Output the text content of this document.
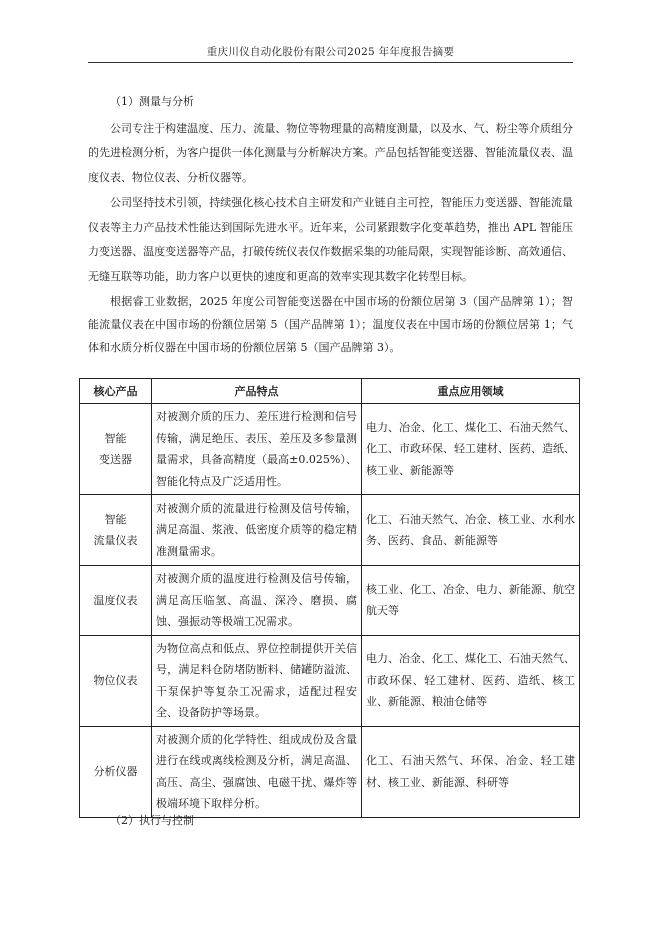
重庆川仪自动化股份有限公司2025 年年度报告摘要

（1）测量与分析

公司专注于构建温度、压力、流量、物位等物理量的高精度测量，以及水、气、粉尘等介质组分的先进检测分析，为客户提供一体化测量与分析解决方案。产品包括智能变送器、智能流量仪表、温度仪表、物位仪表、分析仪器等。

公司坚持技术引领，持续强化核心技术自主研发和产业链自主可控，智能压力变送器、智能流量仪表等主力产品技术性能达到国际先进水平。近年来，公司紧跟数字化变革趋势，推出 APL 智能压力变送器、温度变送器等产品，打破传统仪表仅作数据采集的功能局限，实现智能诊断、高效通信、无缝互联等功能，助力客户以更快的速度和更高的效率实现其数字化转型目标。

根据睿工业数据，2025 年度公司智能变送器在中国市场的份额位居第 3（国产品牌第 1）；智能流量仪表在中国市场的份额位居第 5（国产品牌第 1）；温度仪表在中国市场的份额位居第 1；气体和水质分析仪器在中国市场的份额位居第 5（国产品牌第 3）。

核心产品	产品特点	重点应用领域
智能
变送器	对被测介质的压力、差压进行检测和信号传输，满足绝压、表压、差压及多参量测量需求，具备高精度（最高±0.025%）、智能化特点及广泛适用性。	电力、冶金、化工、煤化工、石油天然气、化工、市政环保、轻工建材、医药、造纸、核工业、新能源等
智能
流量仪表	对被测介质的流量进行检测及信号传输，满足高温、浆液、低密度介质等的稳定精准测量需求。	化工、石油天然气、冶金、核工业、水利水务、医药、食品、新能源等
温度仪表	对被测介质的温度进行检测及信号传输，满足高压临氢、高温、深冷、磨损、腐蚀、强振动等极端工况需求。	核工业、化工、冶金、电力、新能源、航空航天等
物位仪表	为物位高点和低点、界位控制提供开关信号，满足料仓防堵防断料、储罐防溢流、干泵保护等复杂工况需求，适配过程安全、设备防护等场景。	电力、冶金、化工、煤化工、石油天然气、市政环保、轻工建材、医药、造纸、核工业、新能源、粮油仓储等
分析仪器	对被测介质的化学特性、组成成份及含量进行在线或离线检测及分析，满足高温、高压、高尘、强腐蚀、电磁干扰、爆炸等极端环境下取样分析。	化工、石油天然气、环保、冶金、轻工建材、核工业、新能源、科研等
（2）执行与控制
